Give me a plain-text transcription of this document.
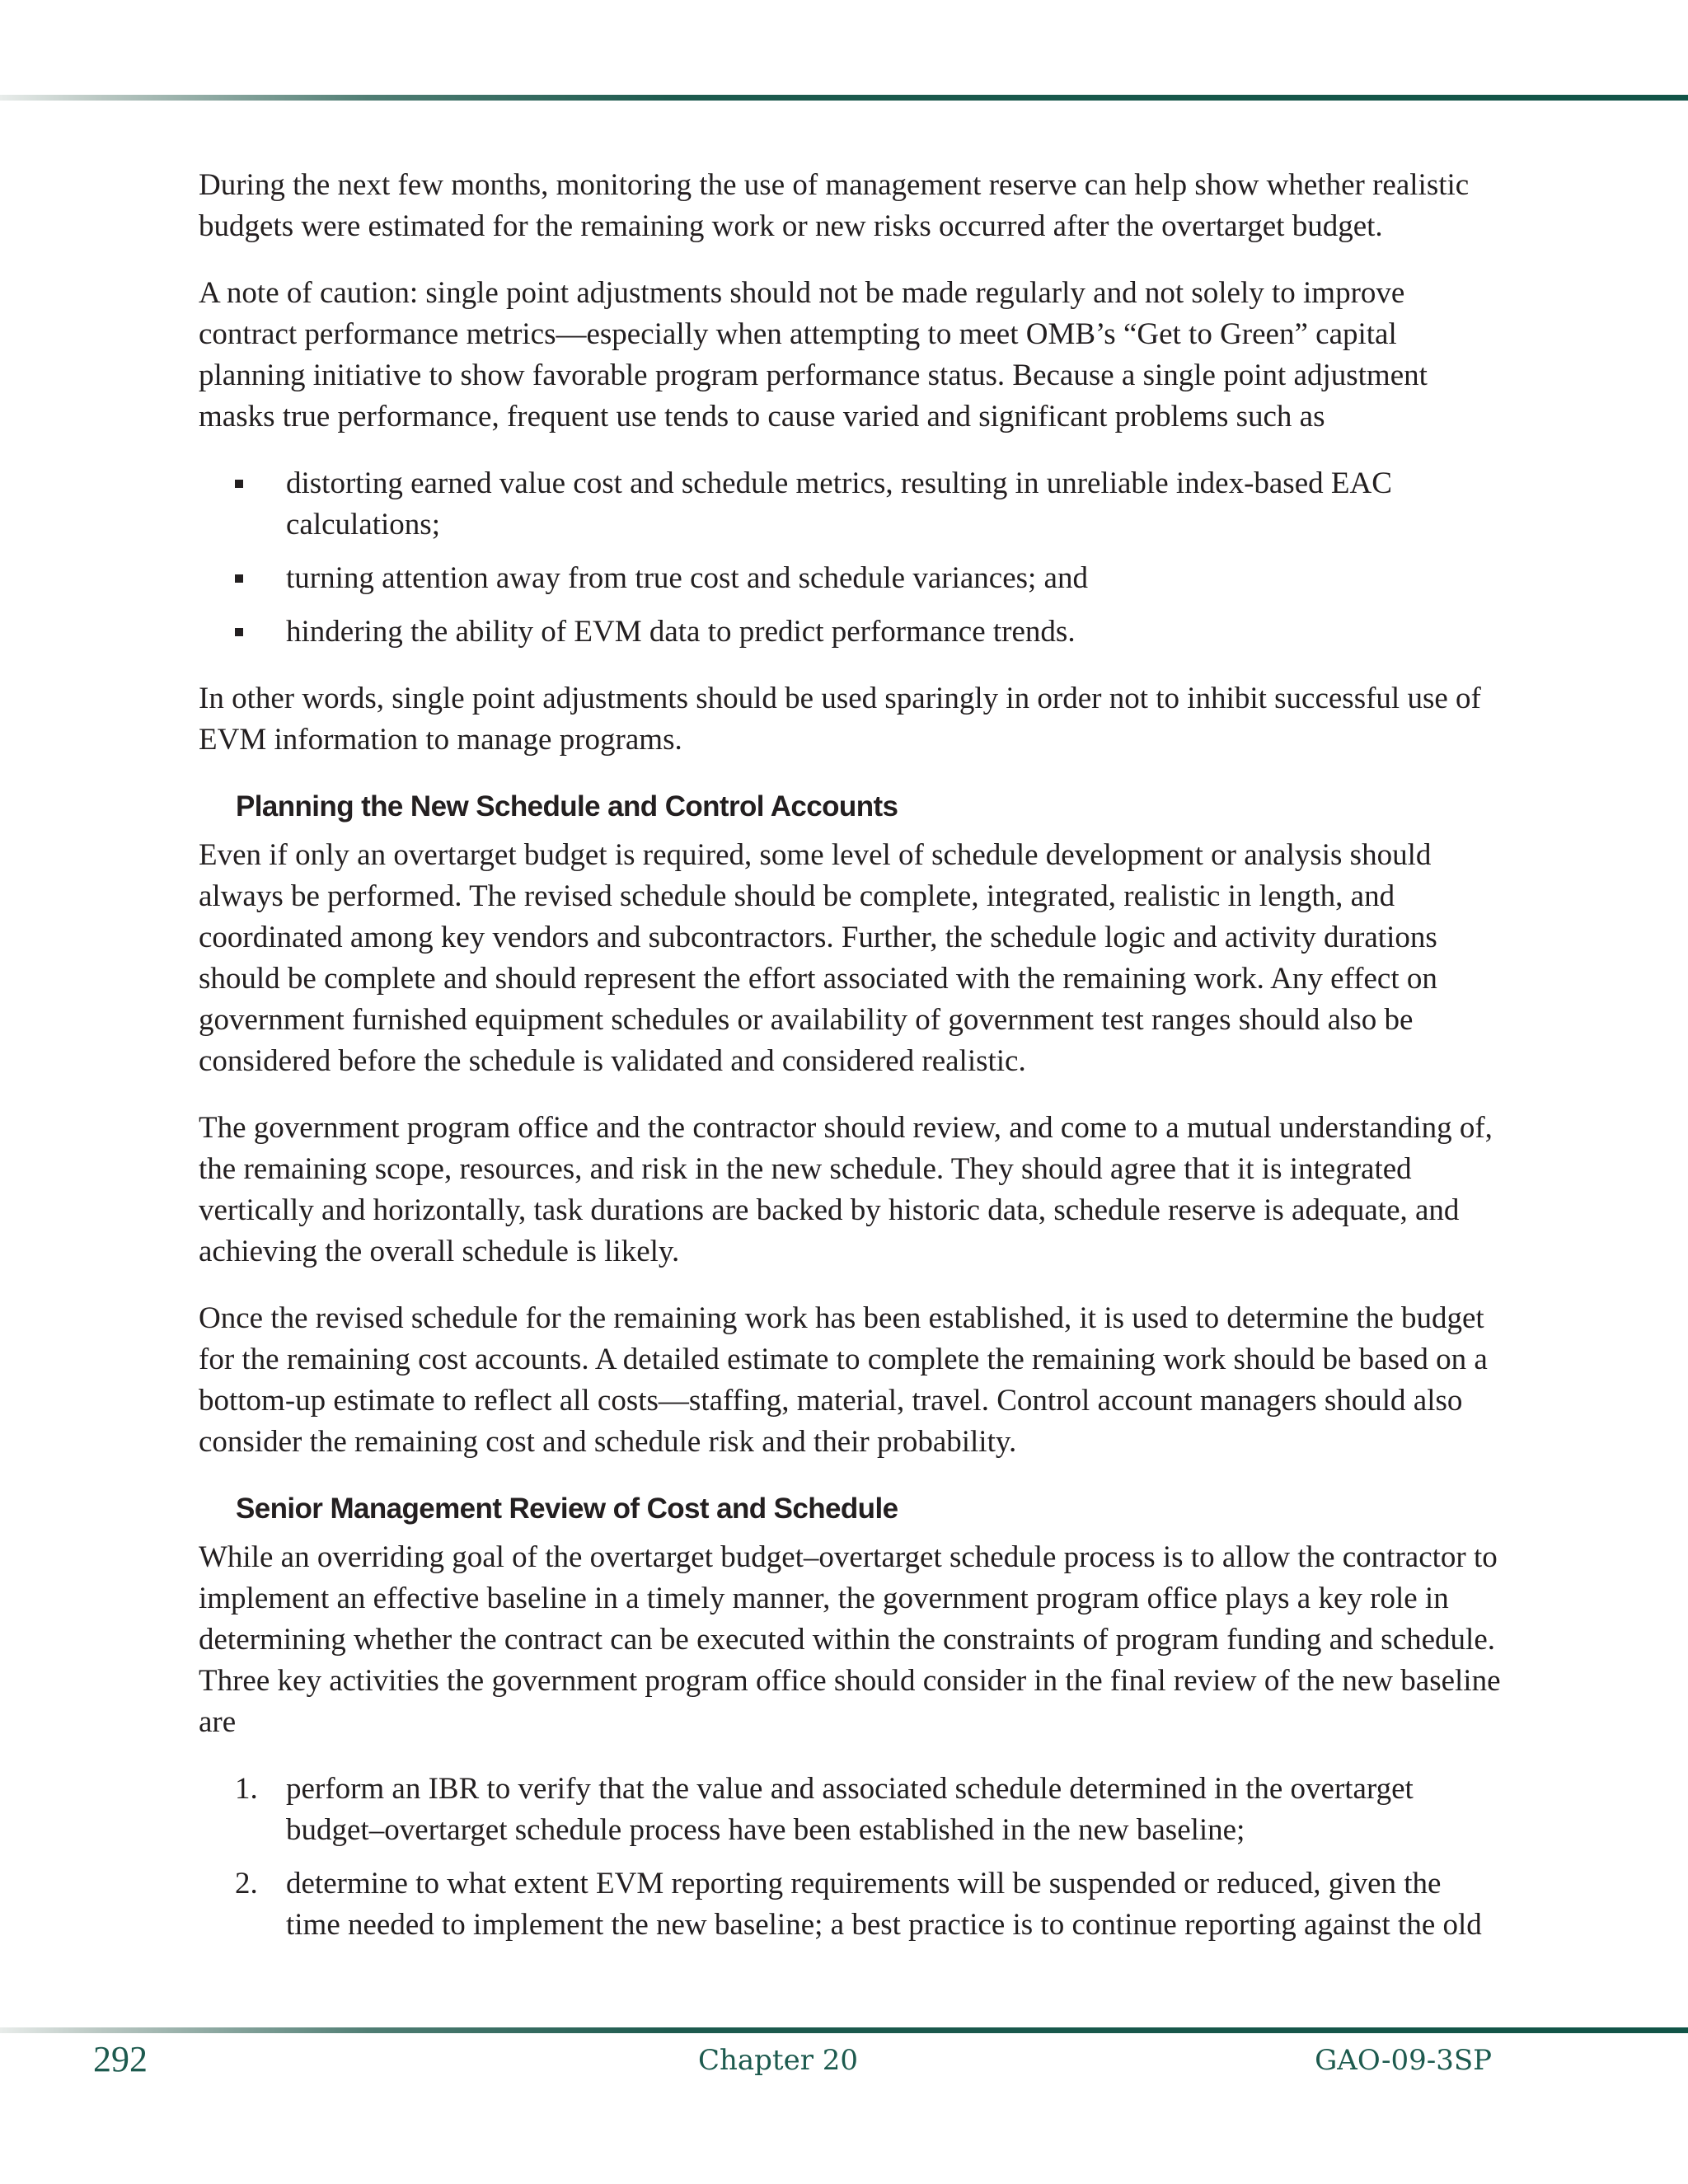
During the next few months, monitoring the use of management reserve can help show whether realistic budgets were estimated for the remaining work or new risks occurred after the overtarget budget.

A note of caution: single point adjustments should not be made regularly and not solely to improve contract performance metrics—especially when attempting to meet OMB’s “Get to Green” capital planning initiative to show favorable program performance status. Because a single point adjustment masks true performance, frequent use tends to cause varied and significant problems such as

distorting earned value cost and schedule metrics, resulting in unreliable index-based EAC calculations;
turning attention away from true cost and schedule variances; and
hindering the ability of EVM data to predict performance trends.

In other words, single point adjustments should be used sparingly in order not to inhibit successful use of EVM information to manage programs.

Planning the New Schedule and Control Accounts

Even if only an overtarget budget is required, some level of schedule development or analysis should always be performed. The revised schedule should be complete, integrated, realistic in length, and coordinated among key vendors and subcontractors. Further, the schedule logic and activity durations should be complete and should represent the effort associated with the remaining work. Any effect on government furnished equipment schedules or availability of government test ranges should also be considered before the schedule is validated and considered realistic.

The government program office and the contractor should review, and come to a mutual understanding of, the remaining scope, resources, and risk in the new schedule. They should agree that it is integrated vertically and horizontally, task durations are backed by historic data, schedule reserve is adequate, and achieving the overall schedule is likely.

Once the revised schedule for the remaining work has been established, it is used to determine the budget for the remaining cost accounts. A detailed estimate to complete the remaining work should be based on a bottom-up estimate to reflect all costs—staffing, material, travel. Control account managers should also consider the remaining cost and schedule risk and their probability.

Senior Management Review of Cost and Schedule

While an overriding goal of the overtarget budget–overtarget schedule process is to allow the contractor to implement an effective baseline in a timely manner, the government program office plays a key role in determining whether the contract can be executed within the constraints of program funding and schedule. Three key activities the government program office should consider in the final review of the new baseline are

1. perform an IBR to verify that the value and associated schedule determined in the overtarget budget–overtarget schedule process have been established in the new baseline;
2. determine to what extent EVM reporting requirements will be suspended or reduced, given the time needed to implement the new baseline; a best practice is to continue reporting against the old
292	Chapter 20	GAO-09-3SP
